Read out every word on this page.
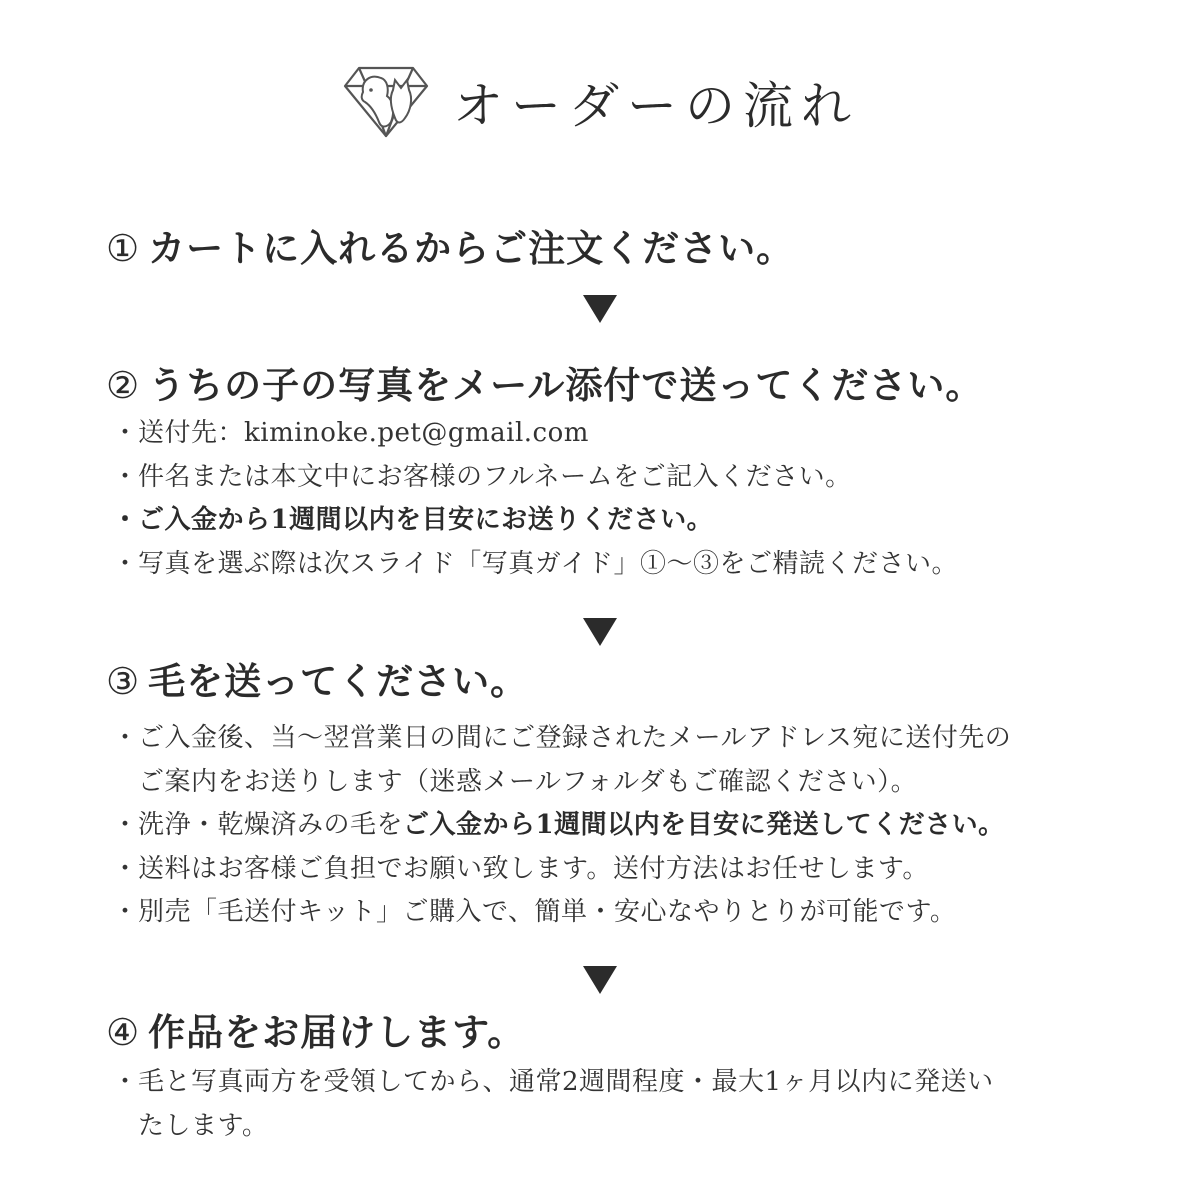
オーダーの流れ
① カートに入れるからご注文ください。
② うちの子の写真をメール添付で送ってください。
・送付先：kiminoke.pet@gmail.com
・件名または本文中にお客様のフルネームをご記入ください。
・ご入金から1週間以内を目安にお送りください。
・写真を選ぶ際は次スライド「写真ガイド」①〜③をご精読ください。
③ 毛を送ってください。
・ご入金後、当〜翌営業日の間にご登録されたメールアドレス宛に送付先の
ご案内をお送りします（迷惑メールフォルダもご確認ください）。
・洗浄・乾燥済みの毛をご入金から1週間以内を目安に発送してください。
・送料はお客様ご負担でお願い致します。送付方法はお任せします。
・別売「毛送付キット」ご購入で、簡単・安心なやりとりが可能です。
④ 作品をお届けします。
・毛と写真両方を受領してから、通常2週間程度・最大1ヶ月以内に発送い
たします。
